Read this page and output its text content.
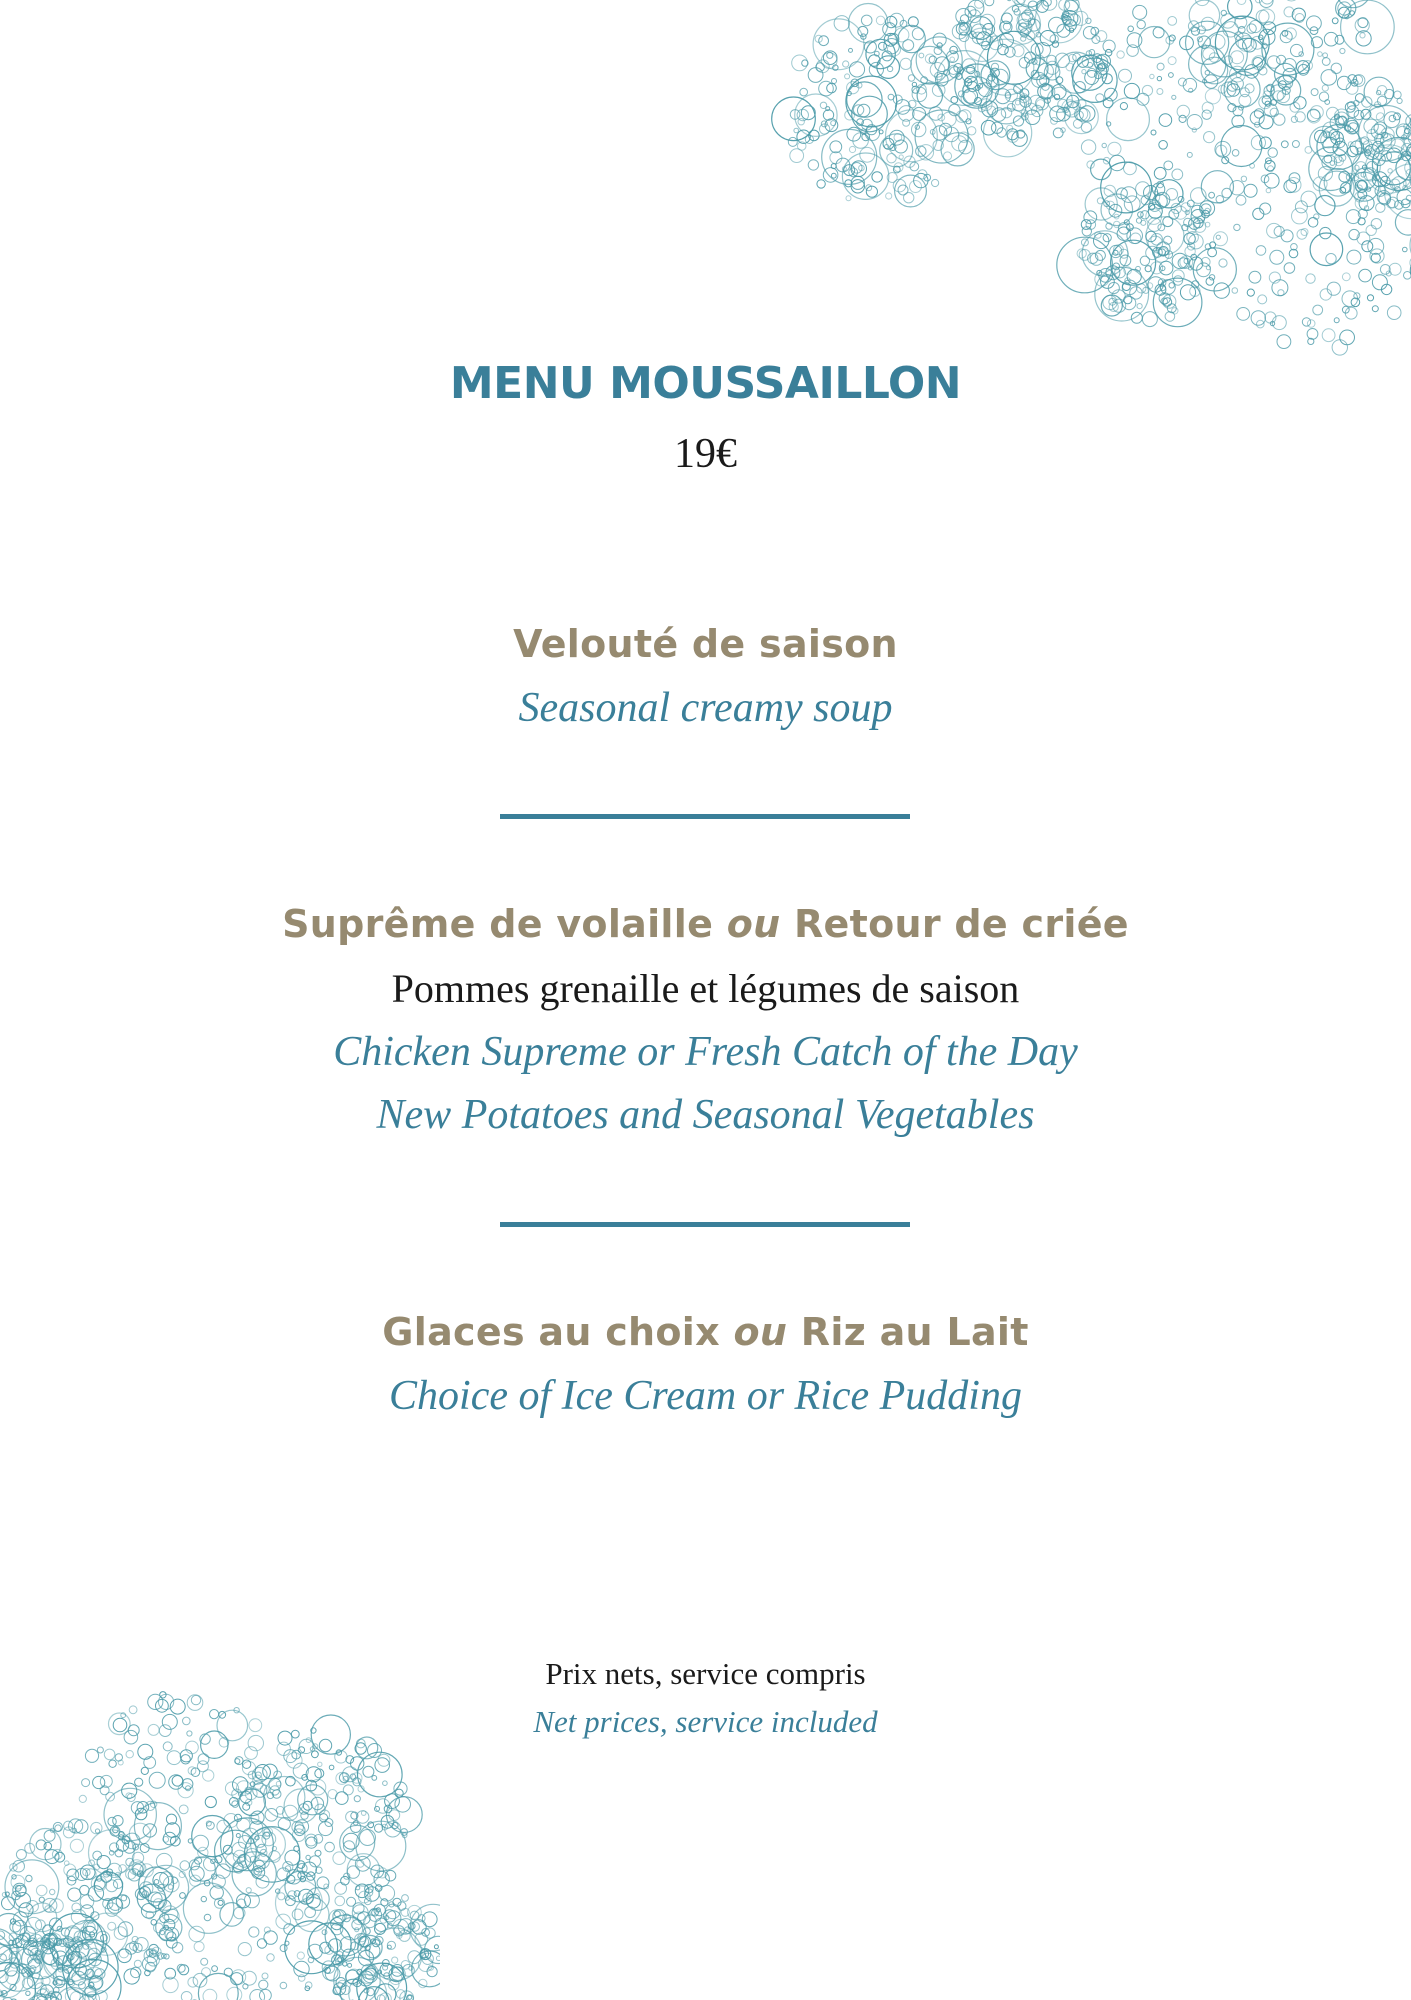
MENU MOUSSAILLON
19€
Velouté de saison
Seasonal creamy soup
Suprême de volaille ou Retour de criée
Pommes grenaille et légumes de saison
Chicken Supreme or Fresh Catch of the Day
New Potatoes and Seasonal Vegetables
Glaces au choix ou Riz au Lait
Choice of Ice Cream or Rice Pudding
Prix nets, service compris
Net prices, service included
